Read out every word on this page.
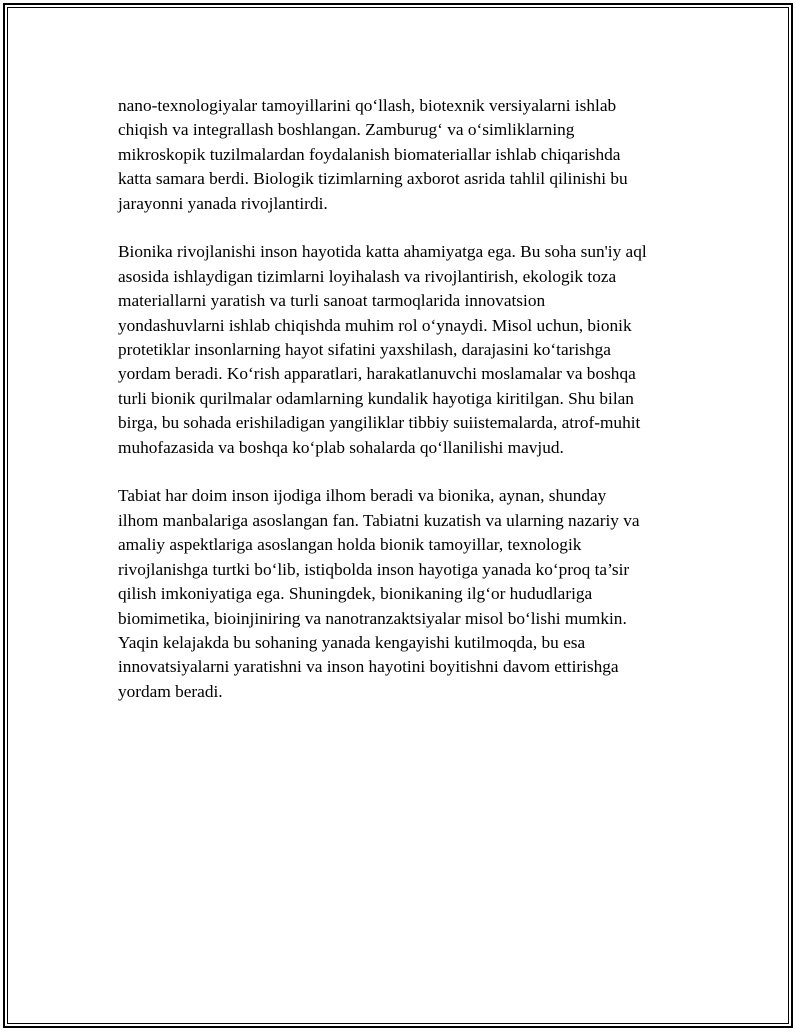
nano-texnologiyalar tamoyillarini qo‘llash, biotexnik versiyalarni ishlab
chiqish va integrallash boshlangan. Zamburug‘ va o‘simliklarning
mikroskopik tuzilmalardan foydalanish biomateriallar ishlab chiqarishda
katta samara berdi. Biologik tizimlarning axborot asrida tahlil qilinishi bu
jarayonni yanada rivojlantirdi.

Bionika rivojlanishi inson hayotida katta ahamiyatga ega. Bu soha sun'iy aql
asosida ishlaydigan tizimlarni loyihalash va rivojlantirish, ekologik toza
materiallarni yaratish va turli sanoat tarmoqlarida innovatsion
yondashuvlarni ishlab chiqishda muhim rol o‘ynaydi. Misol uchun, bionik
protetiklar insonlarning hayot sifatini yaxshilash, darajasini ko‘tarishga
yordam beradi. Ko‘rish apparatlari, harakatlanuvchi moslamalar va boshqa
turli bionik qurilmalar odamlarning kundalik hayotiga kiritilgan. Shu bilan
birga, bu sohada erishiladigan yangiliklar tibbiy suiistemalarda, atrof-muhit
muhofazasida va boshqa ko‘plab sohalarda qo‘llanilishi mavjud.

Tabiat har doim inson ijodiga ilhom beradi va bionika, aynan, shunday
ilhom manbalariga asoslangan fan. Tabiatni kuzatish va ularning nazariy va
amaliy aspektlariga asoslangan holda bionik tamoyillar, texnologik
rivojlanishga turtki bo‘lib, istiqbolda inson hayotiga yanada ko‘proq ta’sir
qilish imkoniyatiga ega. Shuningdek, bionikaning ilg‘or hududlariga
biomimetika, bioinjiniring va nanotranzaktsiyalar misol bo‘lishi mumkin.
Yaqin kelajakda bu sohaning yanada kengayishi kutilmoqda, bu esa
innovatsiyalarni yaratishni va inson hayotini boyitishni davom ettirishga
yordam beradi.
